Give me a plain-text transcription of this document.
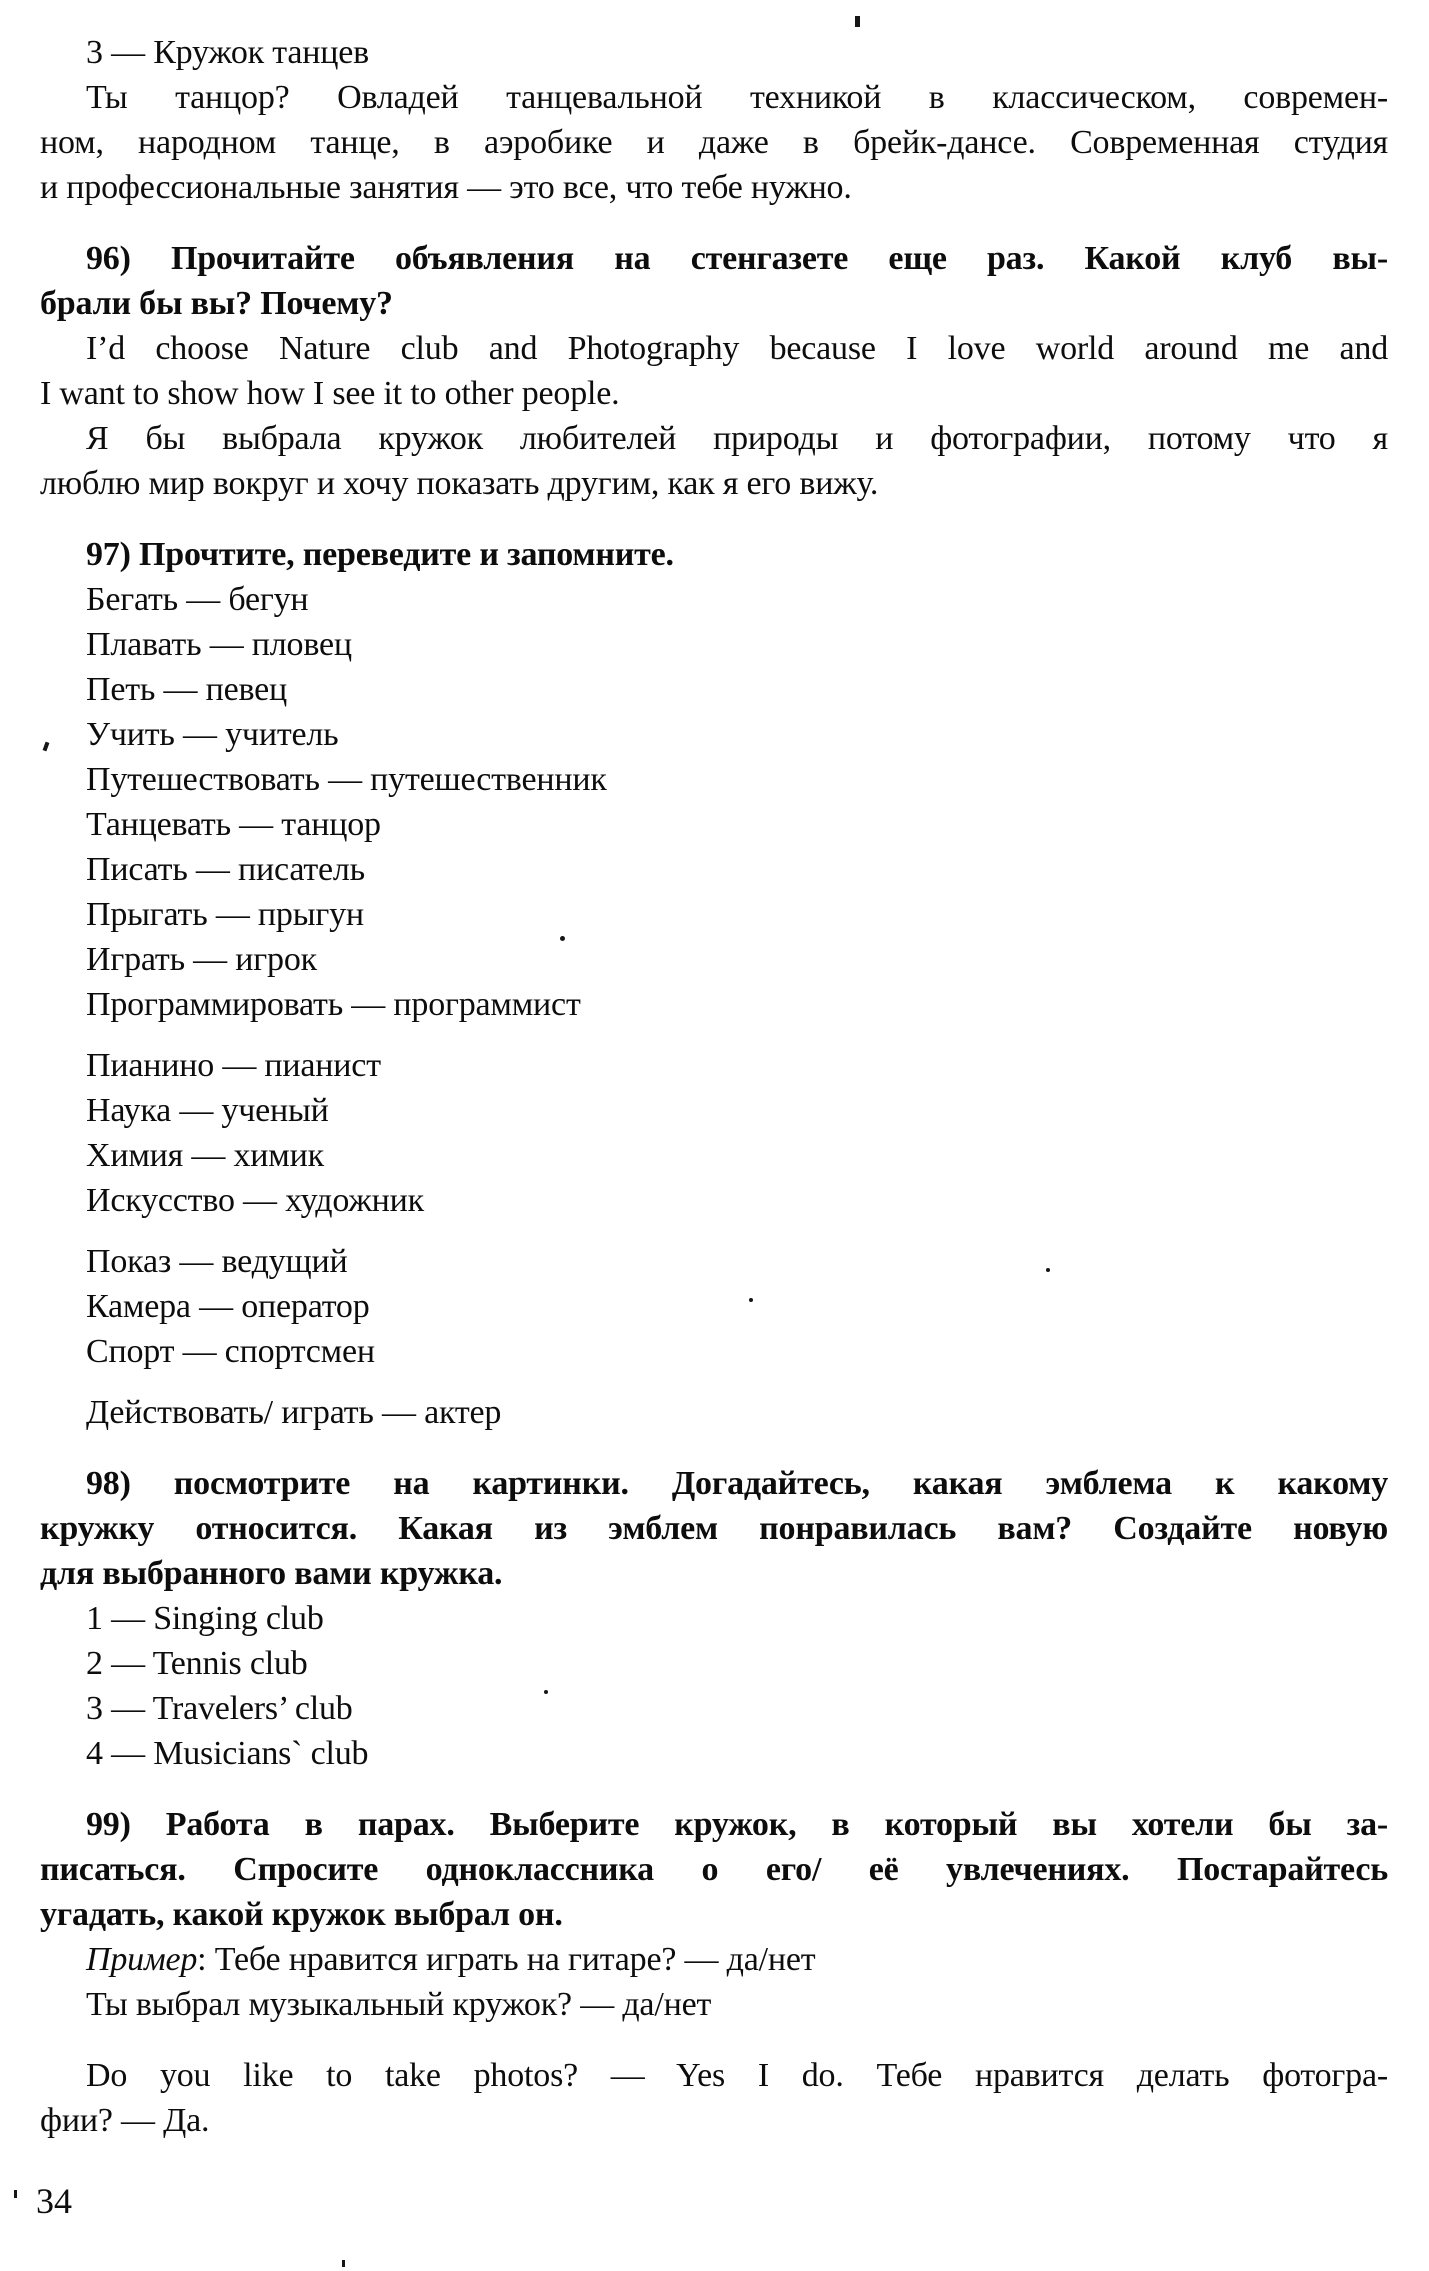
3 — Кружок танцев
Ты танцор? Овладей танцевальной техникой в классическом, современ-
ном, народном танце, в аэробике и даже в брейк-дансе. Современная студия
и профессиональные занятия — это все, что тебе нужно.
96) Прочитайте объявления на стенгазете еще раз. Какой клуб вы-
брали бы вы? Почему?
I’d choose Nature club and Photography because I love world around me and
I want to show how I see it to other people.
Я бы выбрала кружок любителей природы и фотографии, потому что я
люблю мир вокруг и хочу показать другим, как я его вижу.
97) Прочтите, переведите и запомните.
Бегать — бегун
Плавать — пловец
Петь — певец
Учить — учитель
Путешествовать — путешественник
Танцевать — танцор
Писать — писатель
Прыгать — прыгун
Играть — игрок
Программировать — программист
Пианино — пианист
Наука — ученый
Химия — химик
Искусство — художник
Показ — ведущий
Камера — оператор
Спорт — спортсмен
Действовать/ играть — актер
98) посмотрите на картинки. Догадайтесь, какая эмблема к какому
кружку относится. Какая из эмблем понравилась вам? Создайте новую
для выбранного вами кружка.
1 — Singing club
2 — Tennis club
3 — Travelers’ club
4 — Musicians` club
99) Работа в парах. Выберите кружок, в который вы хотели бы за-
писаться. Спросите одноклассника о его/ её увлечениях. Постарайтесь
угадать, какой кружок выбрал он.
Пример: Тебе нравится играть на гитаре? — да/нет
Ты выбрал музыкальный кружок? — да/нет
Do you like to take photos? — Yes I do. Тебе нравится делать фотогра-
фии? — Да.
34
